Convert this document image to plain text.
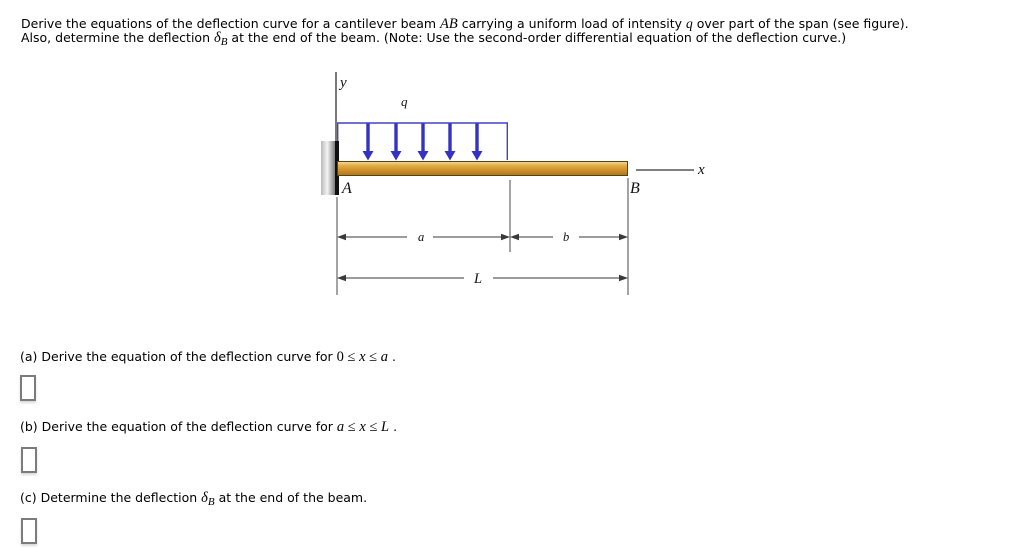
Derive the equations of the deflection curve for a cantilever beam AB carrying a uniform load of intensity q over part of the span (see figure).
Also, determine the deflection δB at the end of the beam. (Note: Use the second-order differential equation of the deflection curve.)
y
q
A	B
x
a	b
L
(a) Derive the equation of the deflection curve for 0 ≤ x ≤ a .
(b) Derive the equation of the deflection curve for a ≤ x ≤ L .
(c) Determine the deflection δB at the end of the beam.
